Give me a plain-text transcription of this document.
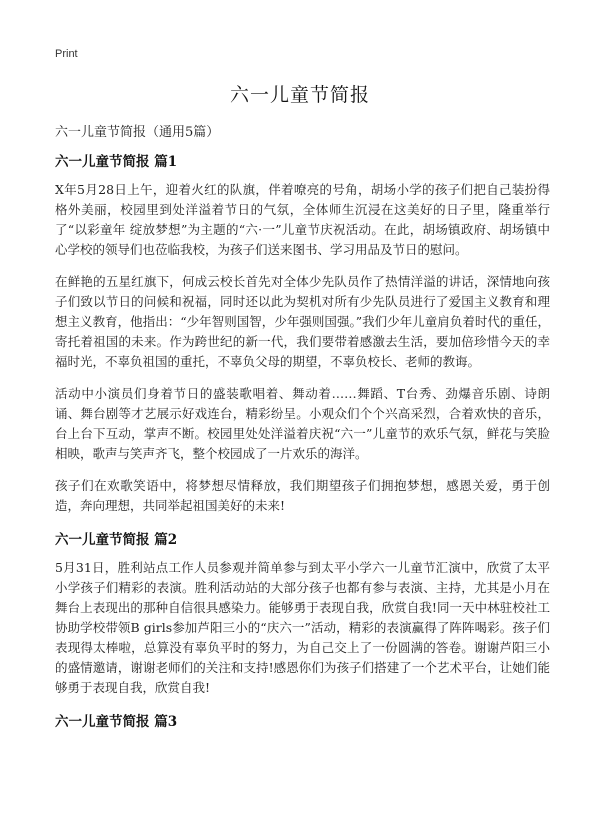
Print
六一儿童节简报

六一儿童节简报（通用5篇）

六一儿童节简报 篇1

X年5月28日上午，迎着火红的队旗，伴着嘹亮的号角，胡场小学的孩子们把自己装扮得格外美丽，校园里到处洋溢着节日的气氛，全体师生沉浸在这美好的日子里，隆重举行了“以彩童年 绽放梦想”为主题的“六·一”儿童节庆祝活动。在此，胡场镇政府、胡场镇中心学校的领导们也莅临我校，为孩子们送来图书、学习用品及节日的慰问。

在鲜艳的五星红旗下，何成云校长首先对全体少先队员作了热情洋溢的讲话，深情地向孩子们致以节日的问候和祝福，同时还以此为契机对所有少先队员进行了爱国主义教育和理想主义教育，他指出：“少年智则国智，少年强则国强。”我们少年儿童肩负着时代的重任，寄托着祖国的未来。作为跨世纪的新一代，我们要带着感激去生活，要加倍珍惜今天的幸福时光，不辜负祖国的重托，不辜负父母的期望，不辜负校长、老师的教诲。

活动中小演员们身着节日的盛装歌唱着、舞动着……舞蹈、T台秀、劲爆音乐剧、诗朗诵、舞台剧等才艺展示好戏连台，精彩纷呈。小观众们个个兴高采烈，合着欢快的音乐，台上台下互动，掌声不断。校园里处处洋溢着庆祝“六一”儿童节的欢乐气氛，鲜花与笑脸相映，歌声与笑声齐飞，整个校园成了一片欢乐的海洋。

孩子们在欢歌笑语中，将梦想尽情释放，我们期望孩子们拥抱梦想，感恩关爱，勇于创造，奔向理想，共同举起祖国美好的未来!

六一儿童节简报 篇2

5月31日，胜利站点工作人员参观并简单参与到太平小学六一儿童节汇演中，欣赏了太平小学孩子们精彩的表演。胜利活动站的大部分孩子也都有参与表演、主持，尤其是小月在舞台上表现出的那种自信很具感染力。能够勇于表现自我，欣赏自我!同一天中林驻校社工协助学校带领B girls参加芦阳三小的“庆六一”活动，精彩的表演赢得了阵阵喝彩。孩子们表现得太棒啦，总算没有辜负平时的努力，为自己交上了一份圆满的答卷。谢谢芦阳三小的盛情邀请，谢谢老师们的关注和支持!感恩你们为孩子们搭建了一个艺术平台，让她们能够勇于表现自我，欣赏自我!

六一儿童节简报 篇3
